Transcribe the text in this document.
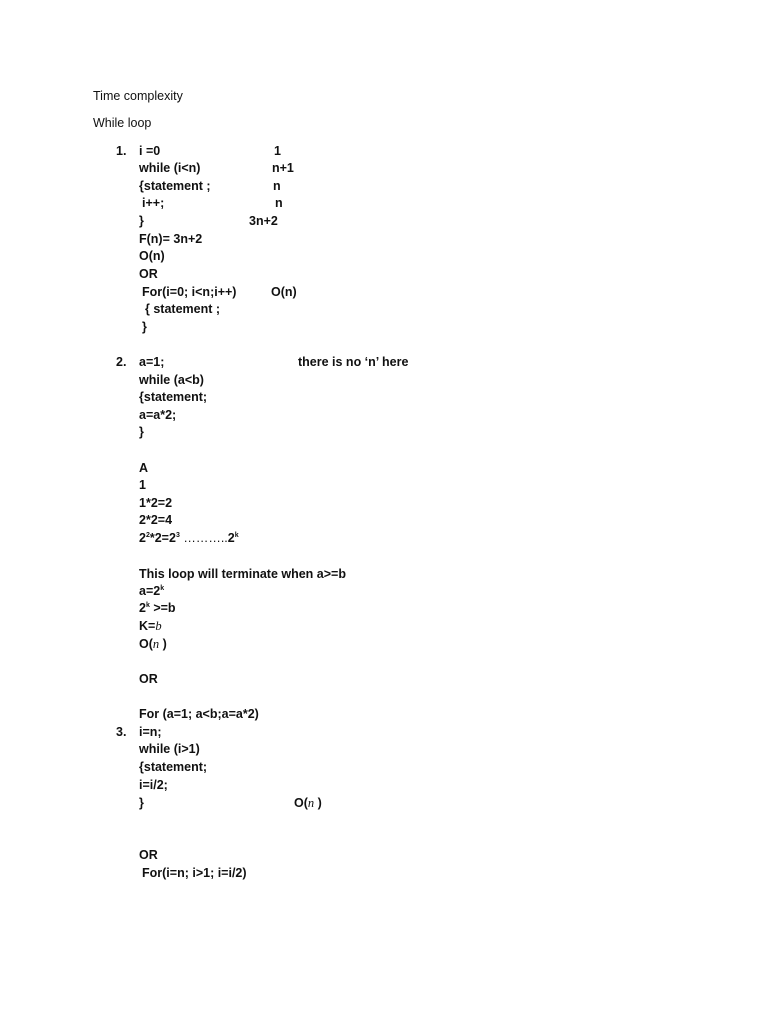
Time complexity
While loop
1. i =0	1
while (i<n)	n+1
{statement ;	n
i++;	n
}	3n+2
F(n)= 3n+2
O(n)
OR
For(i=0; i<n;i++)	O(n)
{ statement ;
}
2. a=1;	there is no ‘n’ here
while (a<b)
{statement;
a=a*2;
}
A
1
1*2=2
2*2=4
$2^2*2=2^3$ ………..2$^k$
This loop will terminate when a>=b
$a=2^k$
$2^k >=b$
K=b
O(n )
OR
For (a=1; a<b;a=a*2)
3. i=n;
while (i>1)
{statement;
i=i/2;
}	O(n )
OR
For(i=n; i>1; i=i/2)
